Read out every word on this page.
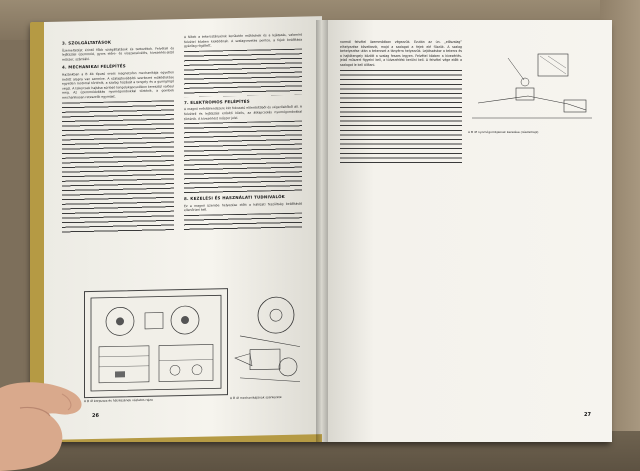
3. SZOLGÁLTATÁSOK

Üzemeltetést érintő főbb szolgáltatások és tartozékok. Felvételi és lejátszási üzemmód, gyors előre- és visszacsévélés, kivezérlés-jelző műszer, számláló.

4. MECHANIKAI FELÉPÍTÉS

Hazánkban a B 4b típusú orsós magnetofon mechanikája egyetlen öntött alapra van szerelve. A szalagtovábbító szerkezet működtetése egyetlen motorral történik, a szalag húzását a tengely és a gumigörgő végzi. A tekercsek hajtása súrlódó tengelykapcsolókon keresztül valósul meg. Az üzemmódváltás nyomógombokkal történik, a gombok mechanikusan reteszelik egymást.

A fékek a tekercstányérok kerületén működnek és a lejátszás, valamint felvétel közben kioldódnak. A szalagvezetés pontos, a fejek beállítása gyárilag rögzített.

7. ELEKTROMOS FELÉPÍTÉS

A magnó erősítőrendszere két fokozatú előerősítőből és végerősítőből áll. A felvételi és lejátszási erősítő közös, az átkapcsolás nyomógombokkal történik. A kivezérlést műszer jelzi.

8. KEZELÉSI ÉS HASZNÁLATI TUDNIVALÓK

Ez a magnó üzembe helyezése előtt a hálózati feszültség beállítását ellenőrizni kell.

A B 4f korpusza és hátrészének vázlatos rajza
A B 4f mechanikájának szerkezete
26

normál felvétel üzemmódban végezzük. Ezután az ún. „előszalag” elhelyezése következik, majd a szalagot a fejek elé fűzzük. A szalag behelyezése után a tekercset a tányérra helyezzük. Lejátszáskor a tekercs és a hajtótengely között a szalag feszes legyen. Felvétel közben a kivezérlés-jelző műszert figyelni kell, a túlvezérlést kerülni kell. A felvétel vége előtt a szalagot le kell állítani.

A B 4f nyomógombjainak kezelése (részletrajz)
27
